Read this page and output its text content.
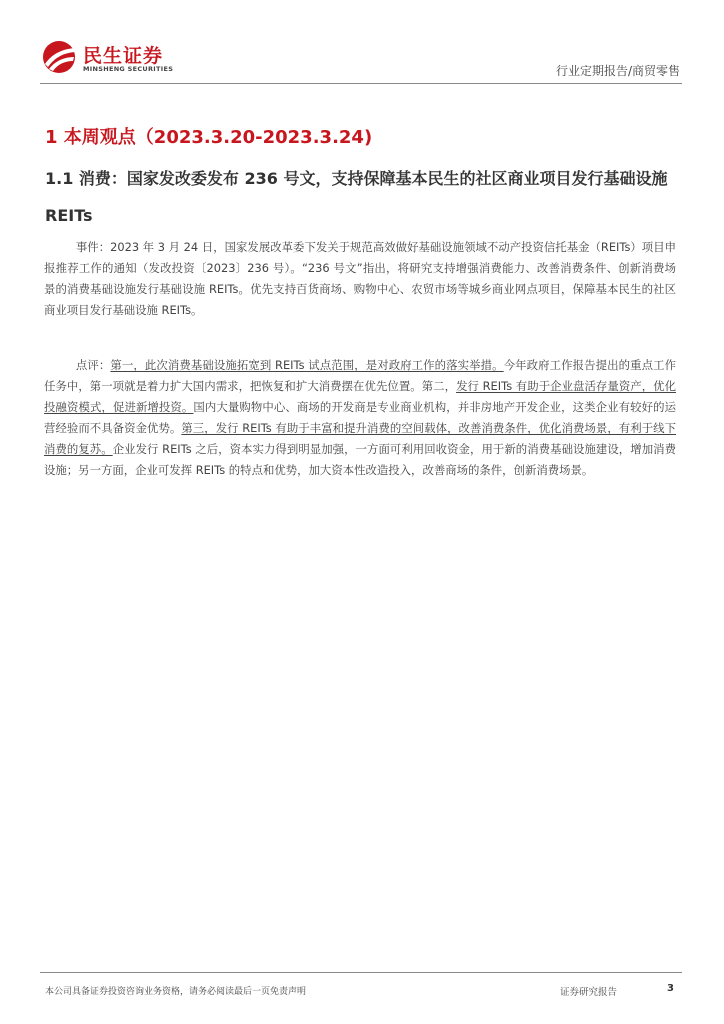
民生证券
MINSHENG SECURITIES	行业定期报告/商贸零售
1 本周观点（2023.3.20-2023.3.24)
1.1 消费：国家发改委发布 236 号文，支持保障基本民生的社区商业项目发行基础设施 REITs

事件：2023 年 3 月 24 日，国家发展改革委下发关于规范高效做好基础设施领域不动产投资信托基金（REITs）项目申报推荐工作的通知（发改投资〔2023〕236 号）。“236 号文”指出，将研究支持增强消费能力、改善消费条件、创新消费场景的消费基础设施发行基础设施 REITs。优先支持百货商场、购物中心、农贸市场等城乡商业网点项目，保障基本民生的社区商业项目发行基础设施 REITs。

点评：第一，此次消费基础设施拓宽到 REITs 试点范围，是对政府工作的落实举措。今年政府工作报告提出的重点工作任务中，第一项就是着力扩大国内需求，把恢复和扩大消费摆在优先位置。第二，发行 REITs 有助于企业盘活存量资产，优化投融资模式，促进新增投资。国内大量购物中心、商场的开发商是专业商业机构，并非房地产开发企业，这类企业有较好的运营经验而不具备资金优势。第三，发行 REITs 有助于丰富和提升消费的空间载体，改善消费条件，优化消费场景，有利于线下消费的复苏。企业发行 REITs 之后，资本实力得到明显加强，一方面可利用回收资金，用于新的消费基础设施建设，增加消费设施；另一方面，企业可发挥 REITs 的特点和优势，加大资本性改造投入，改善商场的条件，创新消费场景。

本公司具备证券投资咨询业务资格，请务必阅读最后一页免责声明	证券研究报告	3
